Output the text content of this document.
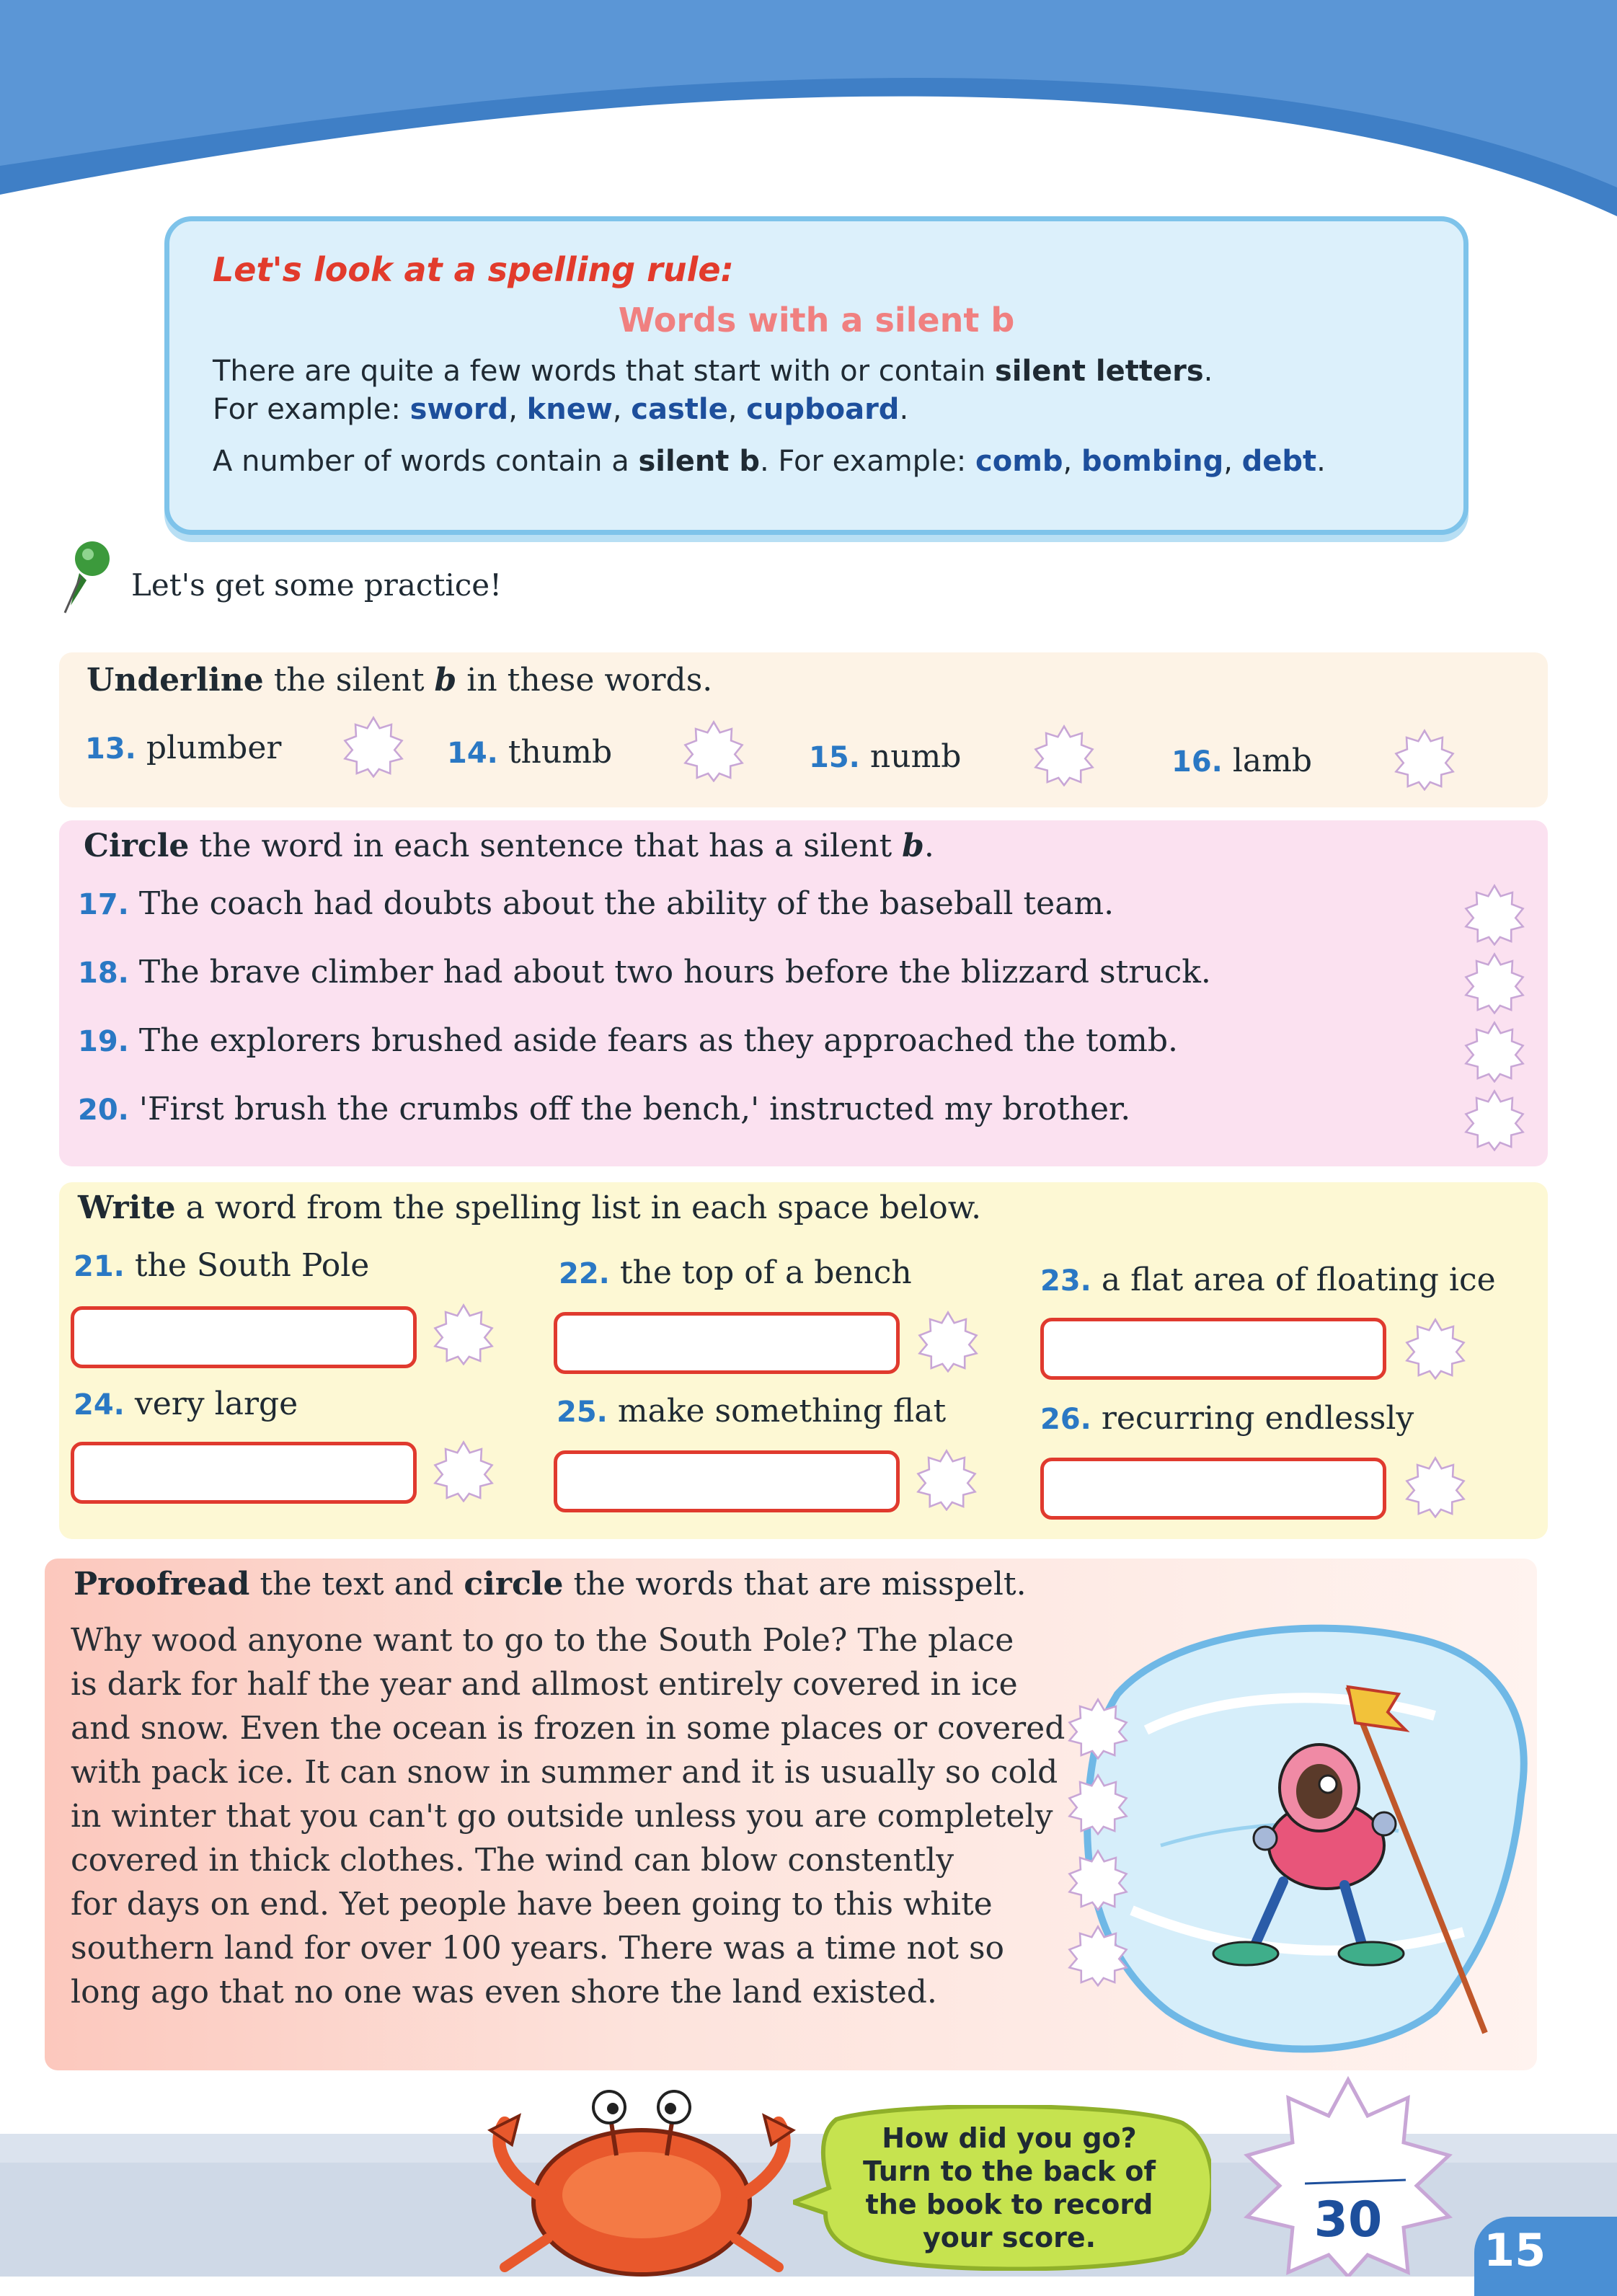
Let's look at a spelling rule:
Words with a silent b
There are quite a few words that start with or contain silent letters.
For example: sword, knew, castle, cupboard.
A number of words contain a silent b. For example: comb, bombing, debt.
Let's get some practice!
Underline the silent b in these words.
13. plumber	14. thumb	15. numb	16. lamb
Circle the word in each sentence that has a silent b.
17. The coach had doubts about the ability of the baseball team.
18. The brave climber had about two hours before the blizzard struck.
19. The explorers brushed aside fears as they approached the tomb.
20. 'First brush the crumbs off the bench,' instructed my brother.
Write a word from the spelling list in each space below.
21. the South Pole	22. the top of a bench	23. a flat area of floating ice
24. very large	25. make something flat	26. recurring endlessly
Proofread the text and circle the words that are misspelt.
Why wood anyone want to go to the South Pole? The place
is dark for half the year and allmost entirely covered in ice
and snow. Even the ocean is frozen in some places or covered
with pack ice. It can snow in summer and it is usually so cold
in winter that you can't go outside unless you are completely
covered in thick clothes. The wind can blow constently
for days on end. Yet people have been going to this white
southern land for over 100 years. There was a time not so
long ago that no one was even shore the land existed.
How did you go?
Turn to the back of
the book to record
your score.	30
15
